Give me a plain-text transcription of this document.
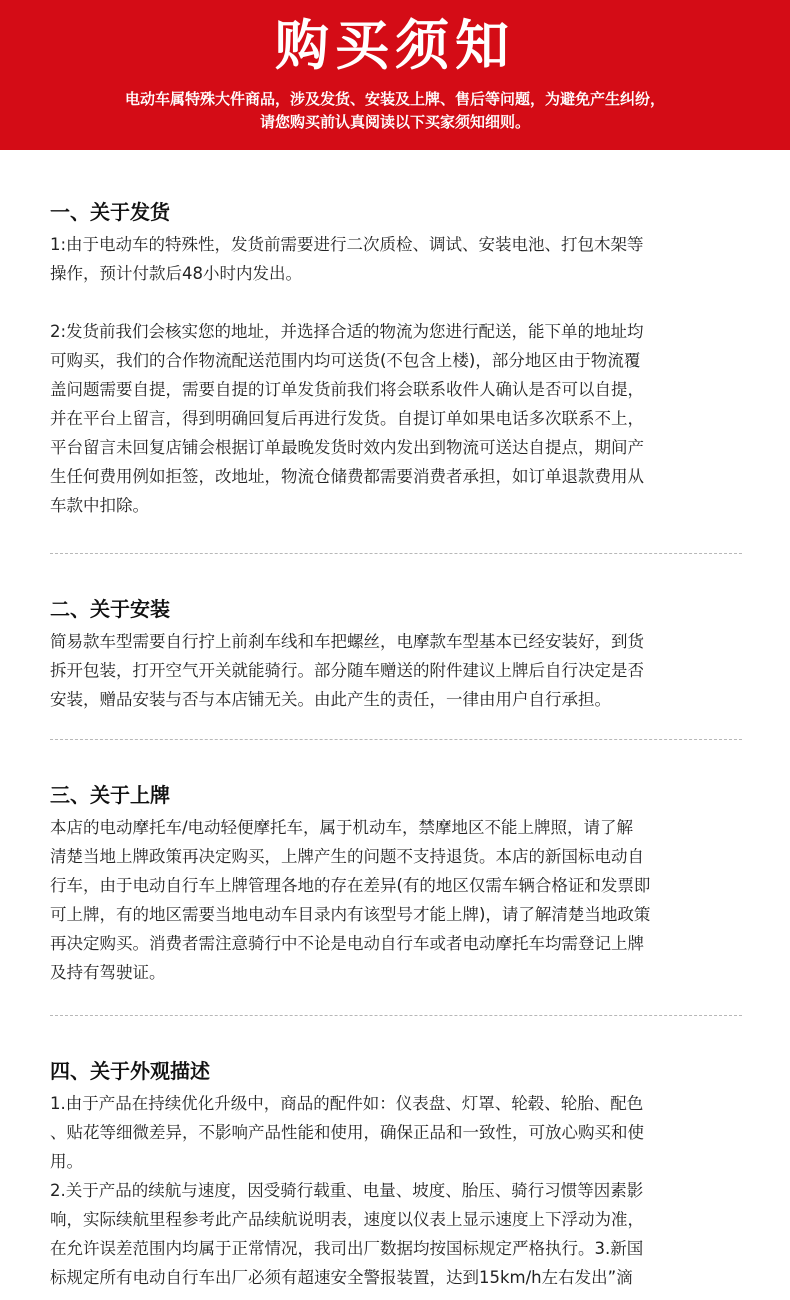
购买须知
电动车属特殊大件商品，涉及发货、安装及上牌、售后等问题，为避免产生纠纷，
请您购买前认真阅读以下买家须知细则。
一、关于发货

1:由于电动车的特殊性，发货前需要进行二次质检、调试、安装电池、打包木架等

操作，预计付款后48小时内发出。

2:发货前我们会核实您的地址，并选择合适的物流为您进行配送，能下单的地址均

可购买，我们的合作物流配送范围内均可送货(不包含上楼)，部分地区由于物流覆

盖问题需要自提，需要自提的订单发货前我们将会联系收件人确认是否可以自提，

并在平台上留言，得到明确回复后再进行发货。自提订单如果电话多次联系不上，

平台留言未回复店铺会根据订单最晚发货时效内发出到物流可送达自提点，期间产

生任何费用例如拒签，改地址，物流仓储费都需要消费者承担，如订单退款费用从

车款中扣除。

二、关于安装

简易款车型需要自行拧上前刹车线和车把螺丝，电摩款车型基本已经安装好，到货

拆开包装，打开空气开关就能骑行。部分随车赠送的附件建议上牌后自行决定是否

安装，赠品安装与否与本店铺无关。由此产生的责任，一律由用户自行承担。

三、关于上牌

本店的电动摩托车/电动轻便摩托车，属于机动车，禁摩地区不能上牌照，请了解

清楚当地上牌政策再决定购买，上牌产生的问题不支持退货。本店的新国标电动自

行车，由于电动自行车上牌管理各地的存在差异(有的地区仅需车辆合格证和发票即

可上牌，有的地区需要当地电动车目录内有该型号才能上牌)，请了解清楚当地政策

再决定购买。消费者需注意骑行中不论是电动自行车或者电动摩托车均需登记上牌

及持有驾驶证。

四、关于外观描述

1.由于产品在持续优化升级中，商品的配件如：仪表盘、灯罩、轮毂、轮胎、配色

、贴花等细微差异，不影响产品性能和使用，确保正品和一致性，可放心购买和使

用。

2.关于产品的续航与速度，因受骑行载重、电量、坡度、胎压、骑行习惯等因素影

响，实际续航里程参考此产品续航说明表，速度以仪表上显示速度上下浮动为准，

在允许误差范围内均属于正常情况，我司出厂数据均按国标规定严格执行。3.新国

标规定所有电动自行车出厂必须有超速安全警报装置，达到15km/h左右发出”滴
